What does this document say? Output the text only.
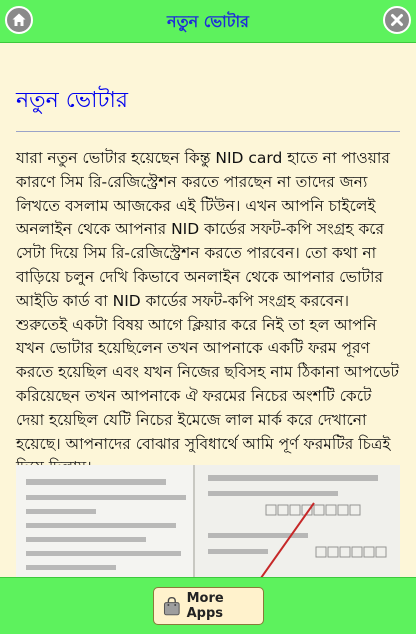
নতুন ভোটার
নতুন ভোটার
যারা নতুন ভোটার হয়েছেন কিন্তু NID card হাতে না পাওয়ার কারণে সিম রি-রেজিস্ট্রেশন করতে পারছেন না তাদের জন্য লিখতে বসলাম আজকের এই টিউন। এখন আপনি চাইলেই অনলাইন থেকে আপনার NID কার্ডের সফট-কপি সংগ্রহ করে সেটা দিয়ে সিম রি-রেজিস্ট্রেশন করতে পারবেন। তো কথা না বাড়িয়ে চলুন দেখি কিভাবে অনলাইন থেকে আপনার ভোটার আইডি কার্ড বা NID কার্ডের সফট-কপি সংগ্রহ করবেন। শুরুতেই একটা বিষয় আগে ক্লিয়ার করে নিই তা হল আপনি যখন ভোটার হয়েছিলেন তখন আপনাকে একটি ফরম পূরণ করতে হয়েছিল এবং যখন নিজের ছবিসহ নাম ঠিকানা আপডেট করিয়েছেন তখন আপনাকে ঐ ফরমের নিচের অংশটি কেটে দেয়া হয়েছিল যেটি নিচের ইমেজে লাল মার্ক করে দেখানো হয়েছে। আপনাদের বোঝার সুবিধার্থে আমি পূর্ণ ফরমটির চিত্রই
More Apps
